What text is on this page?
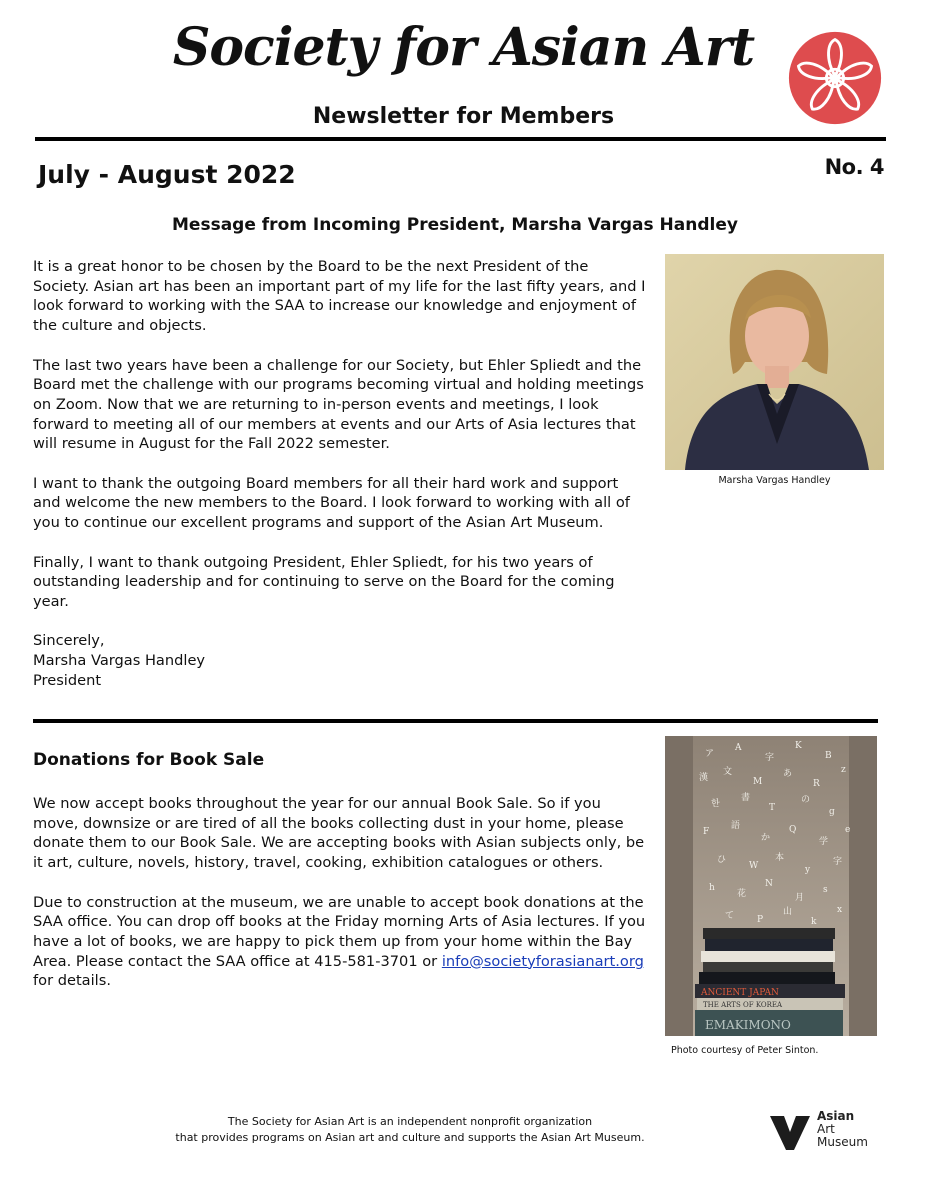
Society for Asian Art
Newsletter for Members
July - August 2022	No. 4
Message from Incoming President, Marsha Vargas Handley

It is a great honor to be chosen by the Board to be the next President of the Society. Asian art has been an important part of my life for the last fifty years, and I look forward to working with the SAA to increase our knowledge and enjoyment of the culture and objects.

The last two years have been a challenge for our Society, but Ehler Spliedt and the Board met the challenge with our programs becoming virtual and holding meetings on Zoom. Now that we are returning to in-person events and meetings, I look forward to meeting all of our members at events and our Arts of Asia lectures that will resume in August for the Fall 2022 semester.

I want to thank the outgoing Board members for all their hard work and support and welcome the new members to the Board. I look forward to working with all of you to continue our excellent programs and support of the Asian Art Museum.

Finally, I want to thank outgoing President, Ehler Spliedt, for his two years of outstanding leadership and for continuing to serve on the Board for the coming year.

Sincerely,
Marsha Vargas Handley
President
Marsha Vargas Handley
Donations for Book Sale

We now accept books throughout the year for our annual Book Sale. So if you move, downsize or are tired of all the books collecting dust in your home, please donate them to our Book Sale. We are accepting books with Asian subjects only, be it art, culture, novels, history, travel, cooking, exhibition catalogues or others.

Due to construction at the museum, we are unable to accept book donations at the SAA office. You can drop off books at the Friday morning Arts of Asia lectures. If you have a lot of books, we are happy to pick them up from your home within the Bay Area. Please contact the SAA office at 415-581-3701 or info@societyforasianart.org for details.

ア
A
字
K
B
漢
文
M
あ
R
z
한
書
T
の
g
F
語
か
Q
学
e
ひ
W
本
y
字
h
花
N
月
s
て	P
山
k
x
ANCIENT JAPAN
THE ARTS OF KOREA
EMAKIMONO
Photo courtesy of Peter Sinton.
The Society for Asian Art is an independent nonprofit organization
that provides programs on Asian art and culture and supports the Asian Art Museum.
Asian
Art
Museum
